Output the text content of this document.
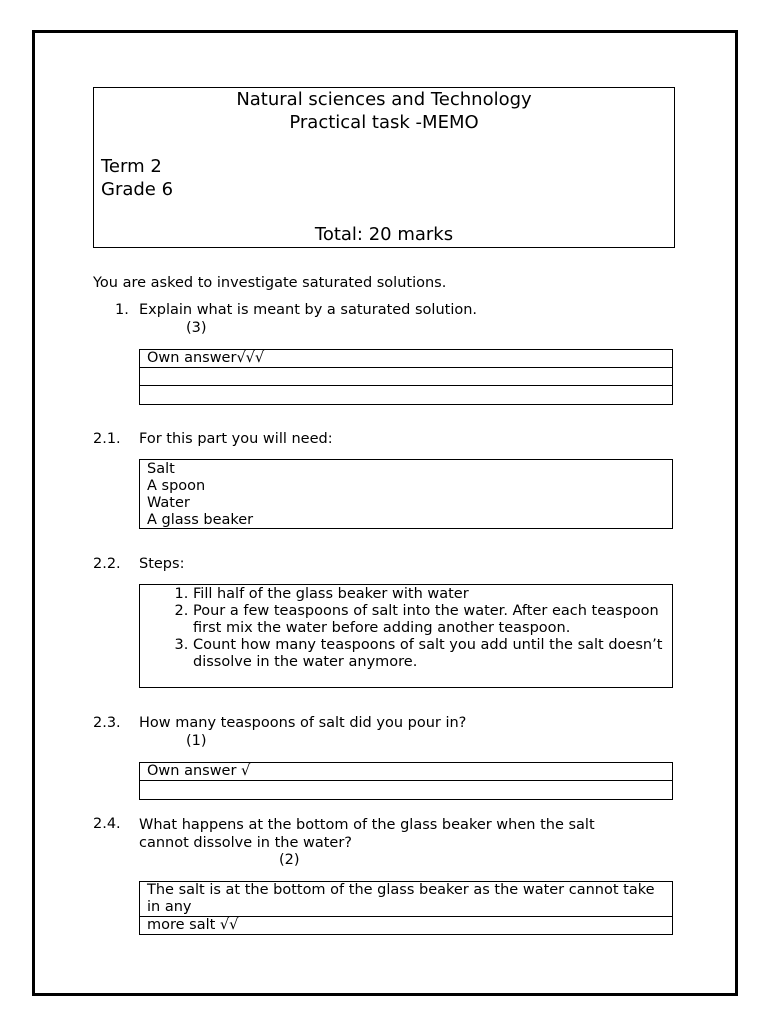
Natural sciences and Technology
Practical task -MEMO
Term 2
Grade 6
Total: 20 marks
You are asked to investigate saturated solutions.
1. Explain what is meant by a saturated solution.
(3)
Own answer√√√
2.1. For this part you will need:
Salt
A spoon
Water
A glass beaker
2.2. Steps:
1. Fill half of the glass beaker with water
2. Pour a few teaspoons of salt into the water. After each teaspoon first mix the water before adding another teaspoon.
3. Count how many teaspoons of salt you add until the salt doesn’t dissolve in the water anymore.
2.3. How many teaspoons of salt did you pour in?
(1)
Own answer √
2.4. What happens at the bottom of the glass beaker when the salt
cannot dissolve in the water?
(2)
The salt is at the bottom of the glass beaker as the water cannot take in any
more salt √√
